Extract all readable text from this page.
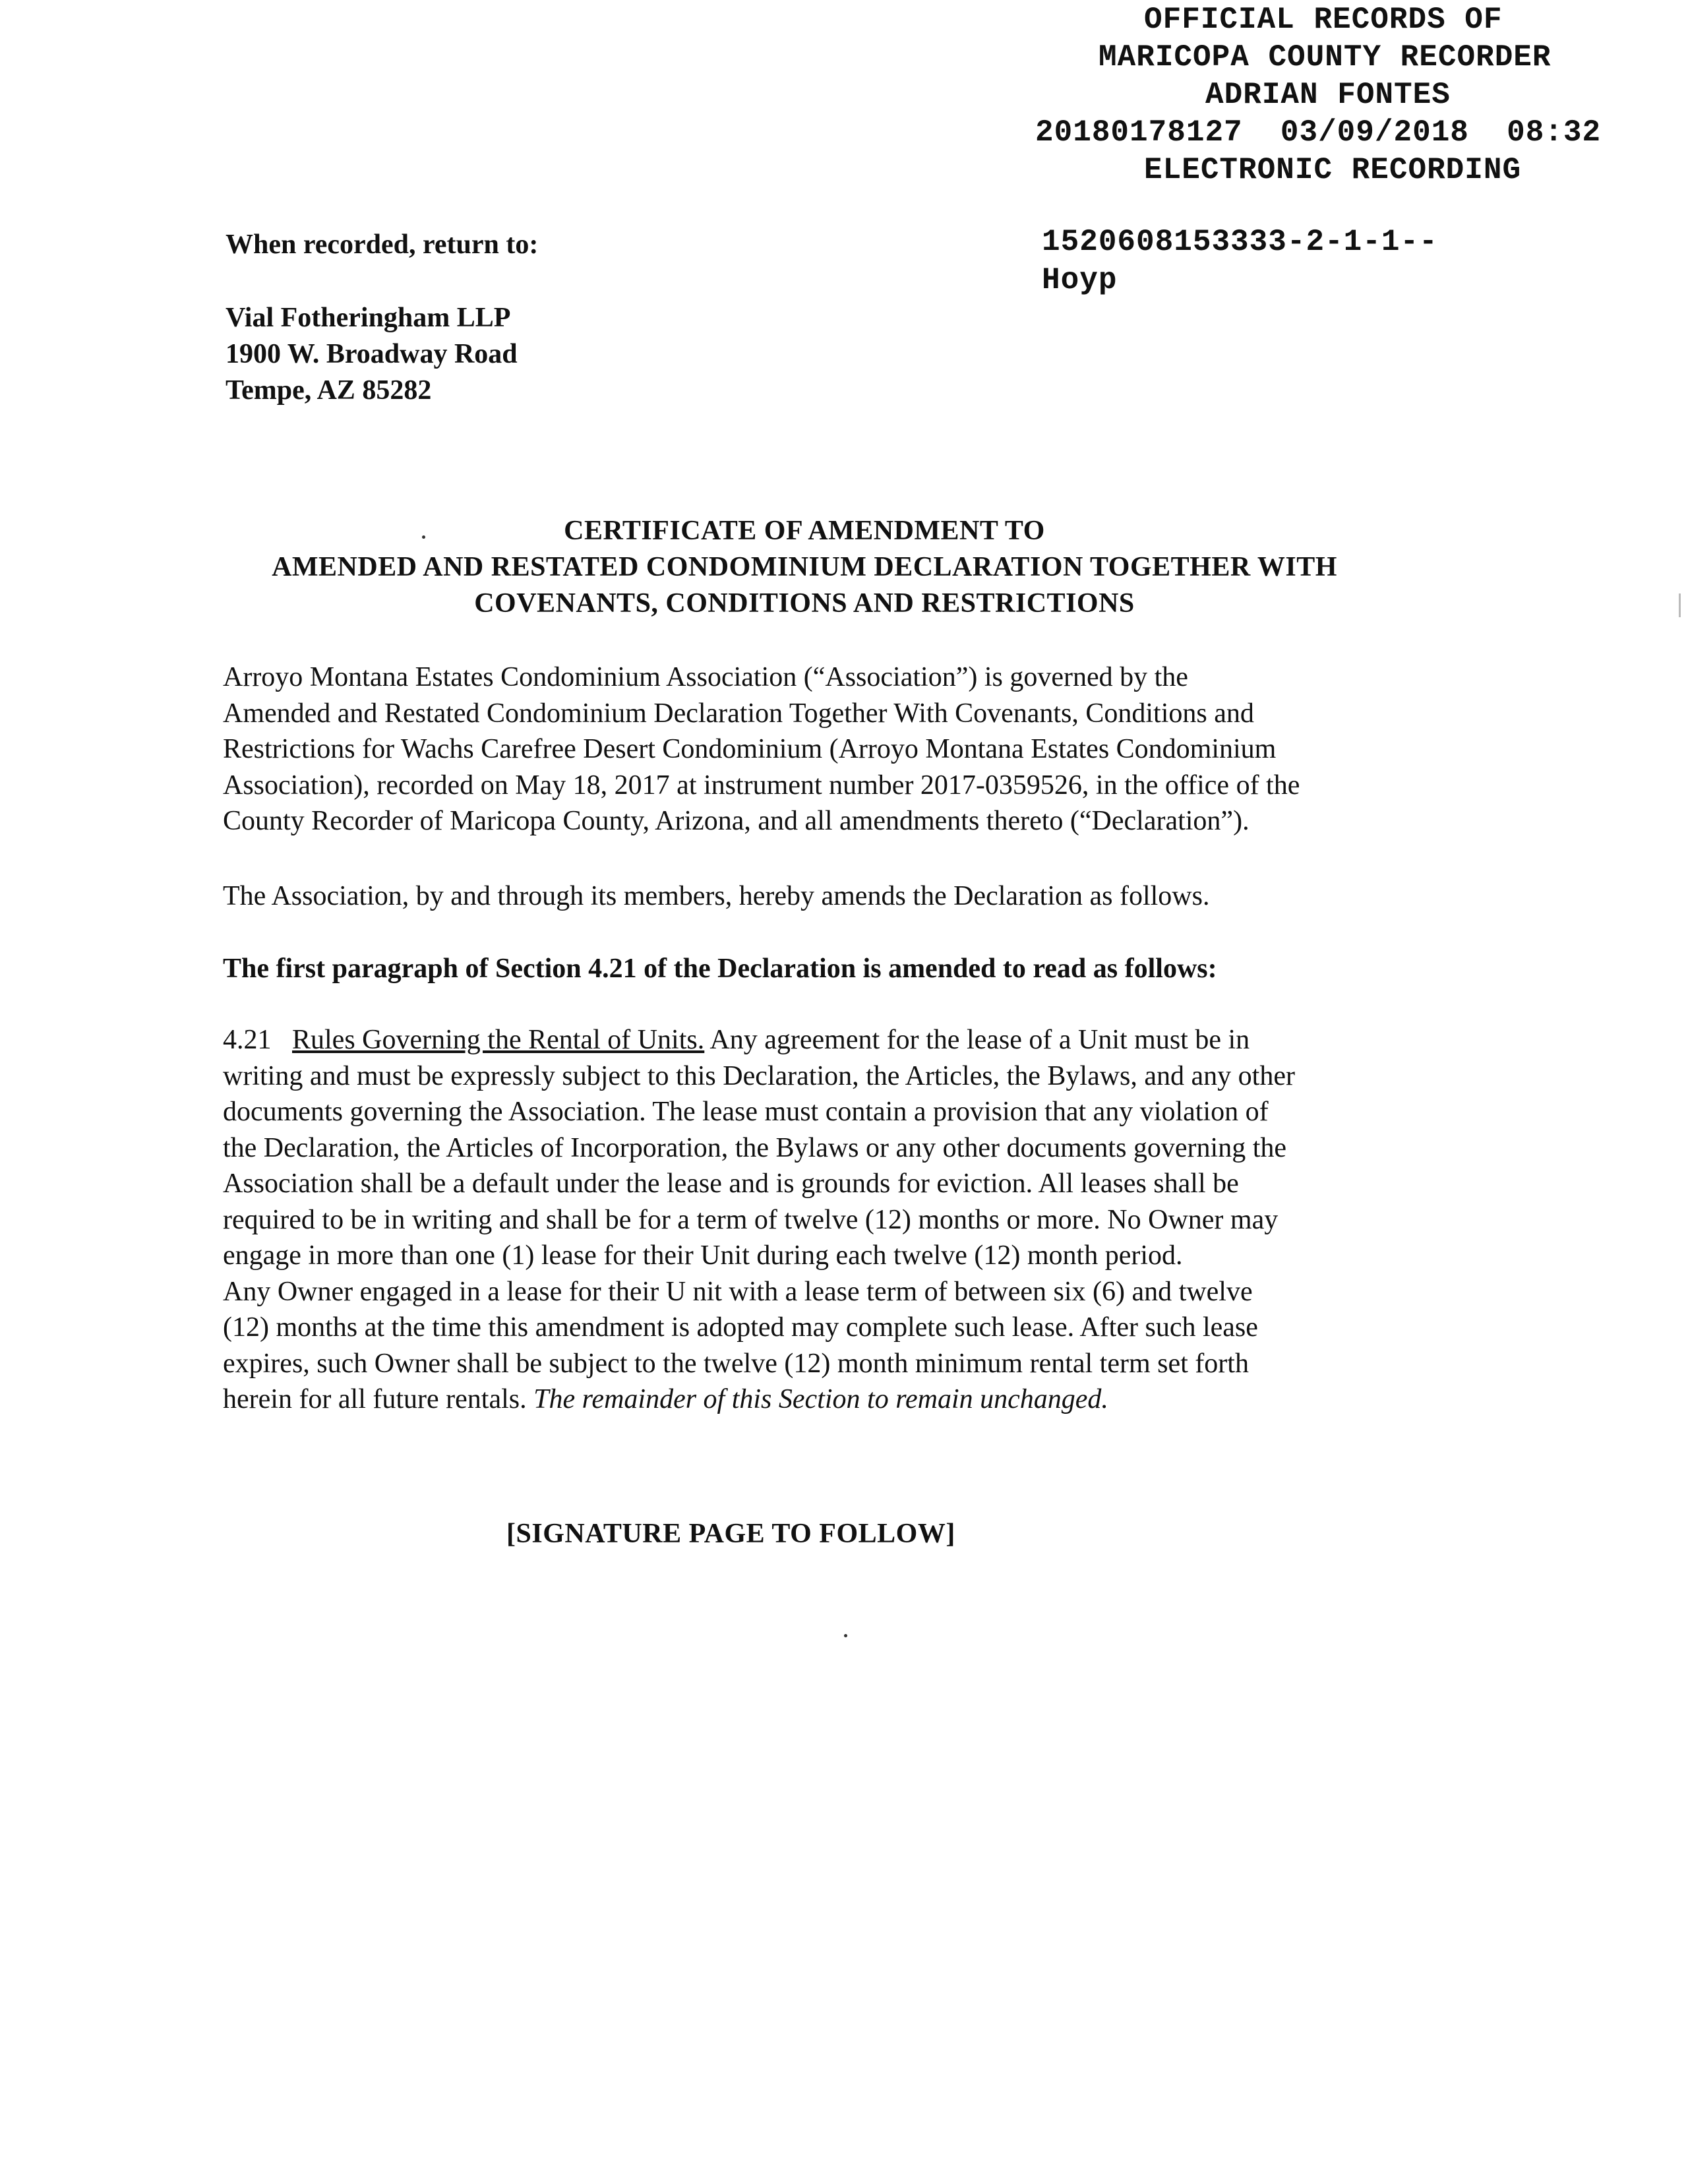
OFFICIAL RECORDS OF
MARICOPA COUNTY RECORDER
ADRIAN FONTES
20180178127  03/09/2018  08:32
ELECTRONIC RECORDING
1520608153333-2-1-1--
Hoyp
When recorded, return to:
Vial Fotheringham LLP
1900 W. Broadway Road
Tempe, AZ 85282
CERTIFICATE OF AMENDMENT TO
AMENDED AND RESTATED CONDOMINIUM DECLARATION TOGETHER WITH
COVENANTS, CONDITIONS AND RESTRICTIONS
Arroyo Montana Estates Condominium Association (“Association”) is governed by the
Amended and Restated Condominium Declaration Together With Covenants, Conditions and
Restrictions for Wachs Carefree Desert Condominium (Arroyo Montana Estates Condominium
Association), recorded on May 18, 2017 at instrument number 2017-0359526, in the office of the
County Recorder of Maricopa County, Arizona, and all amendments thereto (“Declaration”).
The Association, by and through its members, hereby amends the Declaration as follows.
The first paragraph of Section 4.21 of the Declaration is amended to read as follows:
4.21 Rules Governing the Rental of Units. Any agreement for the lease of a Unit must be in
writing and must be expressly subject to this Declaration, the Articles, the Bylaws, and any other
documents governing the Association. The lease must contain a provision that any violation of
the Declaration, the Articles of Incorporation, the Bylaws or any other documents governing the
Association shall be a default under the lease and is grounds for eviction. All leases shall be
required to be in writing and shall be for a term of twelve (12) months or more. No Owner may
engage in more than one (1) lease for their Unit during each twelve (12) month period.
Any Owner engaged in a lease for their U nit with a lease term of between six (6) and twelve
(12) months at the time this amendment is adopted may complete such lease. After such lease
expires, such Owner shall be subject to the twelve (12) month minimum rental term set forth
herein for all future rentals. The remainder of this Section to remain unchanged.
[SIGNATURE PAGE TO FOLLOW]
